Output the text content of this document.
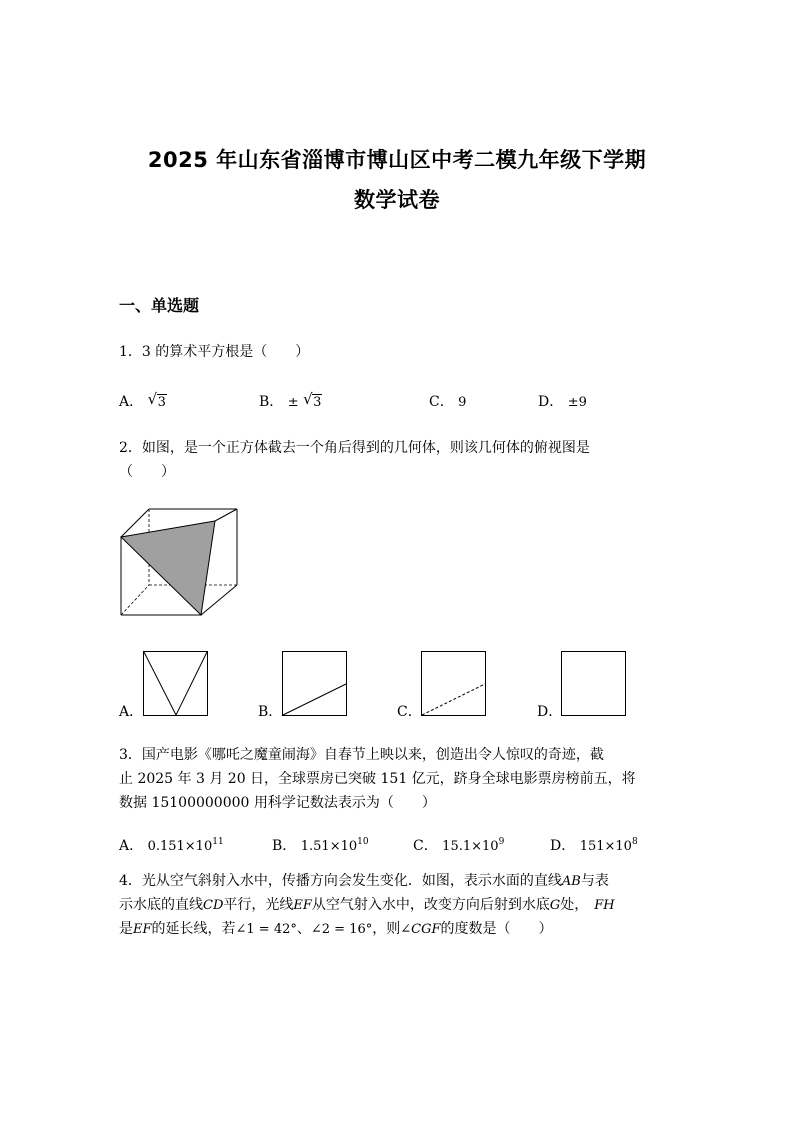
2025 年山东省淄博市博山区中考二模九年级下学期
数学试卷
一、单选题
1．3 的算术平方根是（　　）
A． √ 3	B． ± √ 3	C． 9	D． ±9
2．如图，是一个正方体截去一个角后得到的几何体，则该几何体的俯视图是
（　　）
A．	B．	C．	D．
3．国产电影《哪吒之魔童闹海》自春节上映以来，创造出令人惊叹的奇迹，截
止 2025 年 3 月 20 日，全球票房已突破 151 亿元，跻身全球电影票房榜前五，将
数据 15100000000 用科学记数法表示为（　　）
A． $0.151\times 10^{11}$	B． $1.51\times 10^{10}$	C． $15.1\times 10^9$	D． $151\times 10^8$
4．光从空气斜射入水中，传播方向会发生变化．如图，表示水面的直线AB与表
示水底的直线CD平行，光线EF从空气射入水中，改变方向后射到水底G处， FH
是EF的延长线，若∠1 = 42°、∠2 = 16°，则∠CGF的度数是（　　）
